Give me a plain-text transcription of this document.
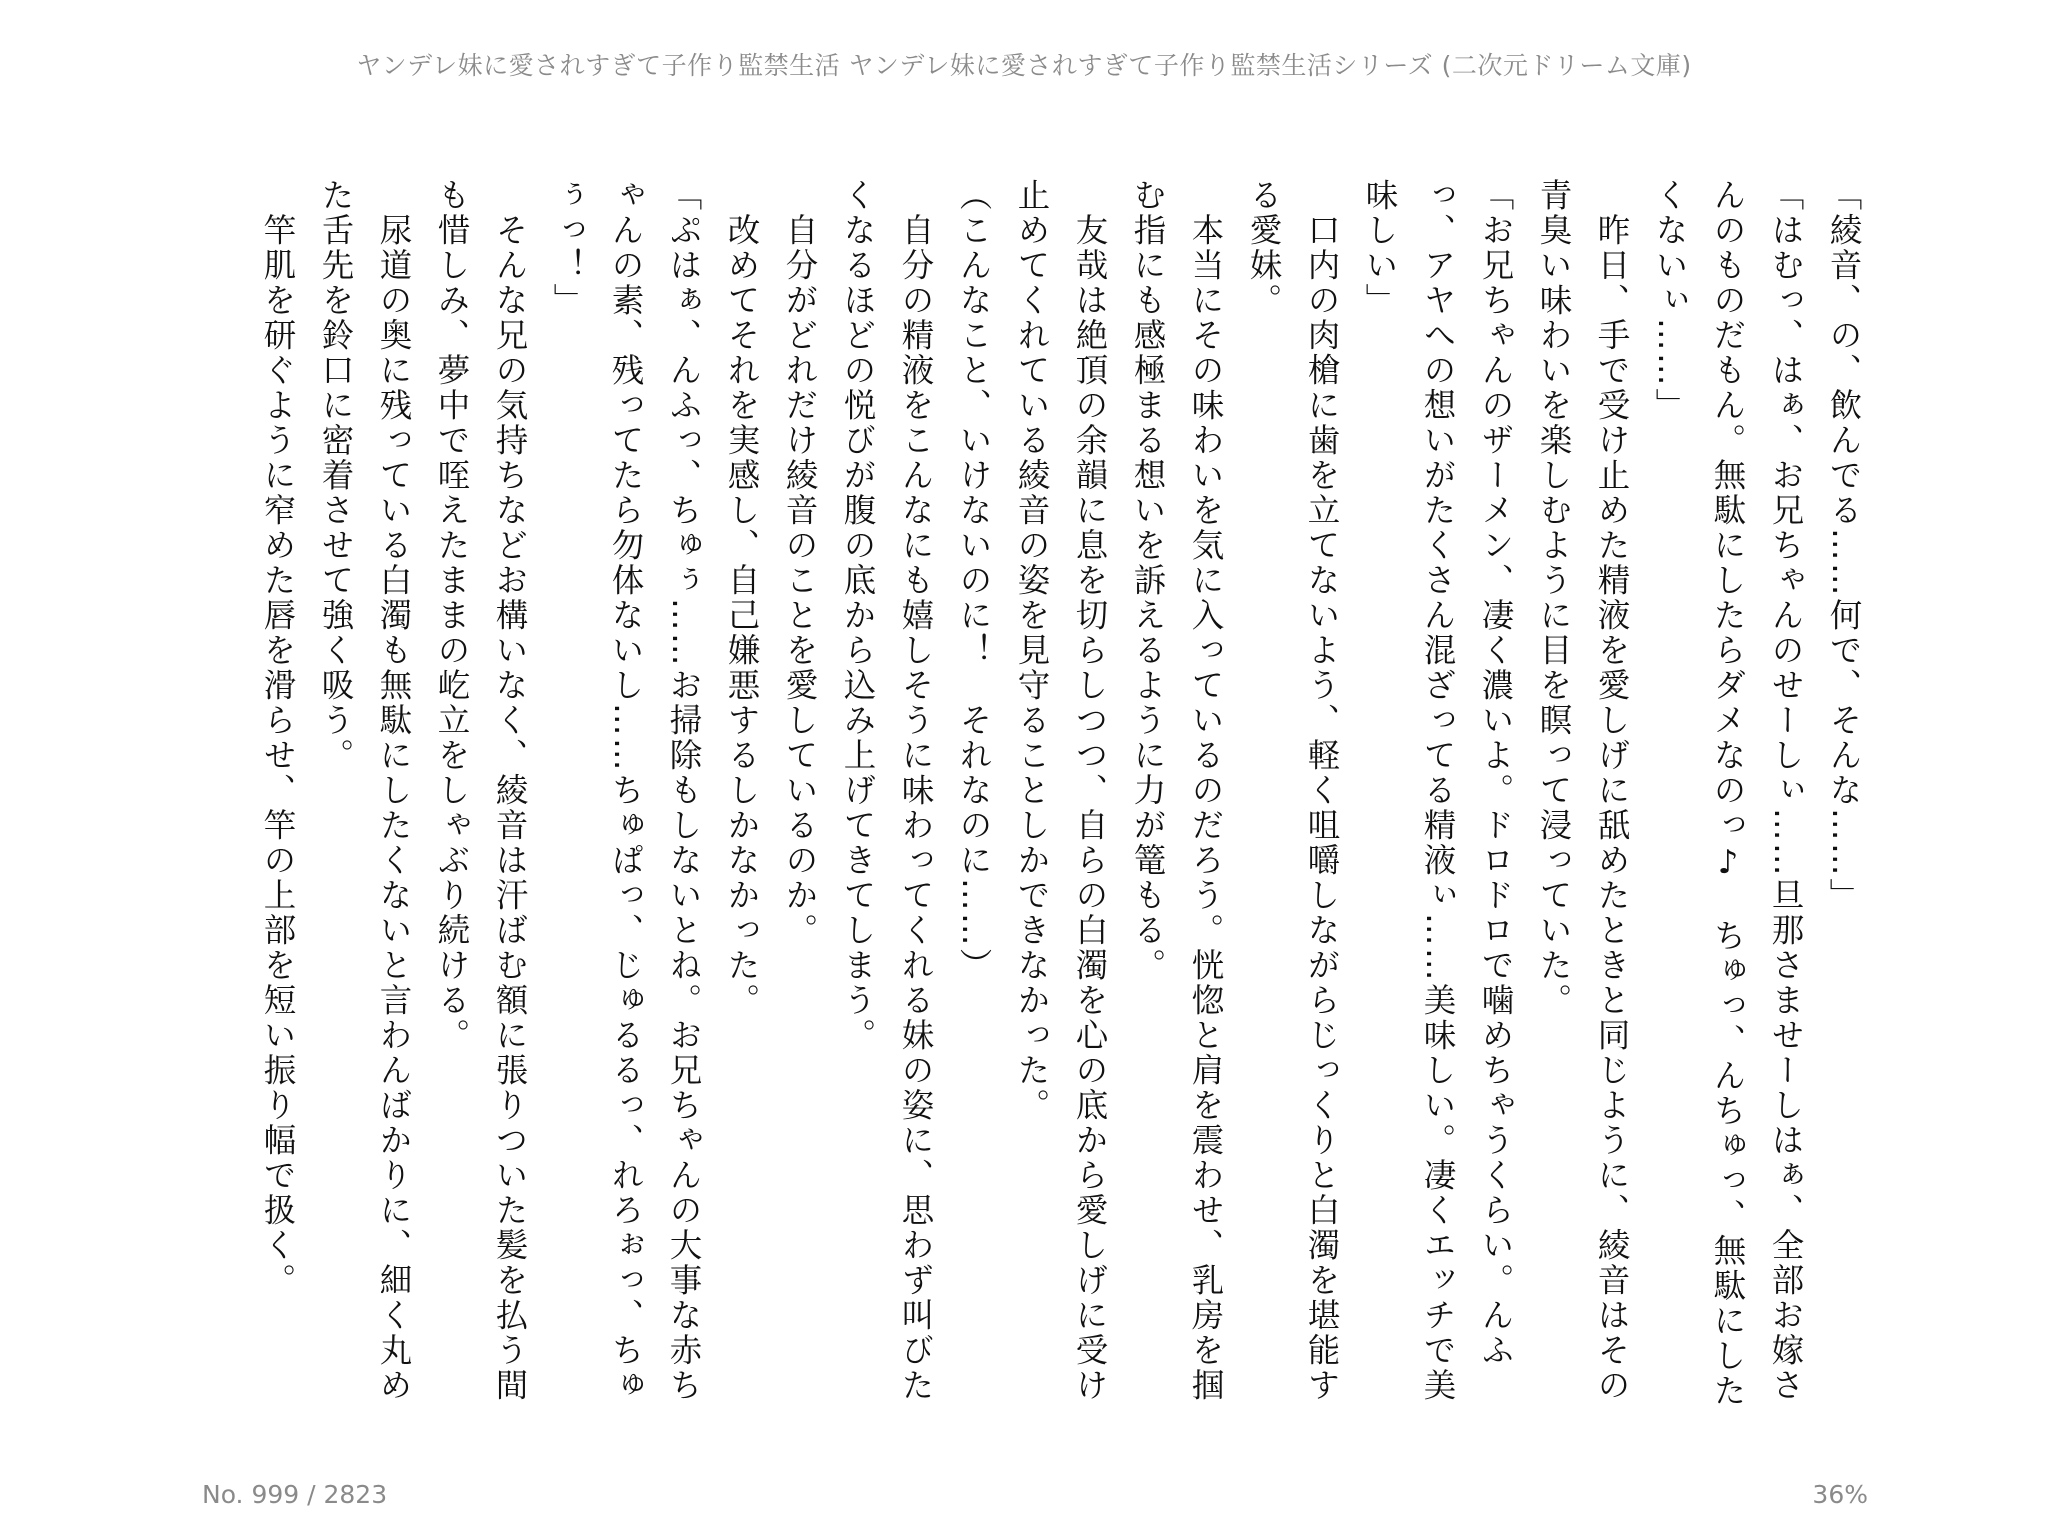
ヤンデレ妹に愛されすぎて子作り監禁生活 ヤンデレ妹に愛されすぎて子作り監禁生活シリーズ (二次元ドリーム文庫)

「綾音、の、飲んでる……何で、そんな……」

「はむっ、はぁ、お兄ちゃんのせーしぃ……旦那さませーしはぁ、全部お嫁さんのものだもん。無駄にしたらダメなのっ♪　ちゅっ、んちゅっ、無駄にしたくないぃ……」

　昨日、手で受け止めた精液を愛しげに舐めたときと同じように、綾音はその青臭い味わいを楽しむように目を瞑って浸っていた。

「お兄ちゃんのザーメン、凄く濃いよ。ドロドロで噛めちゃうくらい。んふっ、アヤへの想いがたくさん混ざってる精液ぃ……美味しい。凄くエッチで美味しい」

　口内の肉槍に歯を立てないよう、軽く咀嚼しながらじっくりと白濁を堪能する愛妹。

　本当にその味わいを気に入っているのだろう。恍惚と肩を震わせ、乳房を掴む指にも感極まる想いを訴えるように力が篭もる。

　友哉は絶頂の余韻に息を切らしつつ、自らの白濁を心の底から愛しげに受け止めてくれている綾音の姿を見守ることしかできなかった。

（こんなこと、いけないのに！　それなのに……）

　自分の精液をこんなにも嬉しそうに味わってくれる妹の姿に、思わず叫びたくなるほどの悦びが腹の底から込み上げてきてしまう。

　自分がどれだけ綾音のことを愛しているのか。

　改めてそれを実感し、自己嫌悪するしかなかった。

「ぷはぁ、んふっ、ちゅぅ……お掃除もしないとね。お兄ちゃんの大事な赤ちゃんの素、残ってたら勿体ないし……ちゅぱっ、じゅるるっ、れろぉっ、ちゅぅっ！」

　そんな兄の気持ちなどお構いなく、綾音は汗ばむ額に張りついた髪を払う間も惜しみ、夢中で咥えたままの屹立をしゃぶり続ける。

　尿道の奥に残っている白濁も無駄にしたくないと言わんばかりに、細く丸めた舌先を鈴口に密着させて強く吸う。

　竿肌を研ぐように窄めた唇を滑らせ、竿の上部を短い振り幅で扱く。

No. 999 / 2823	36%
